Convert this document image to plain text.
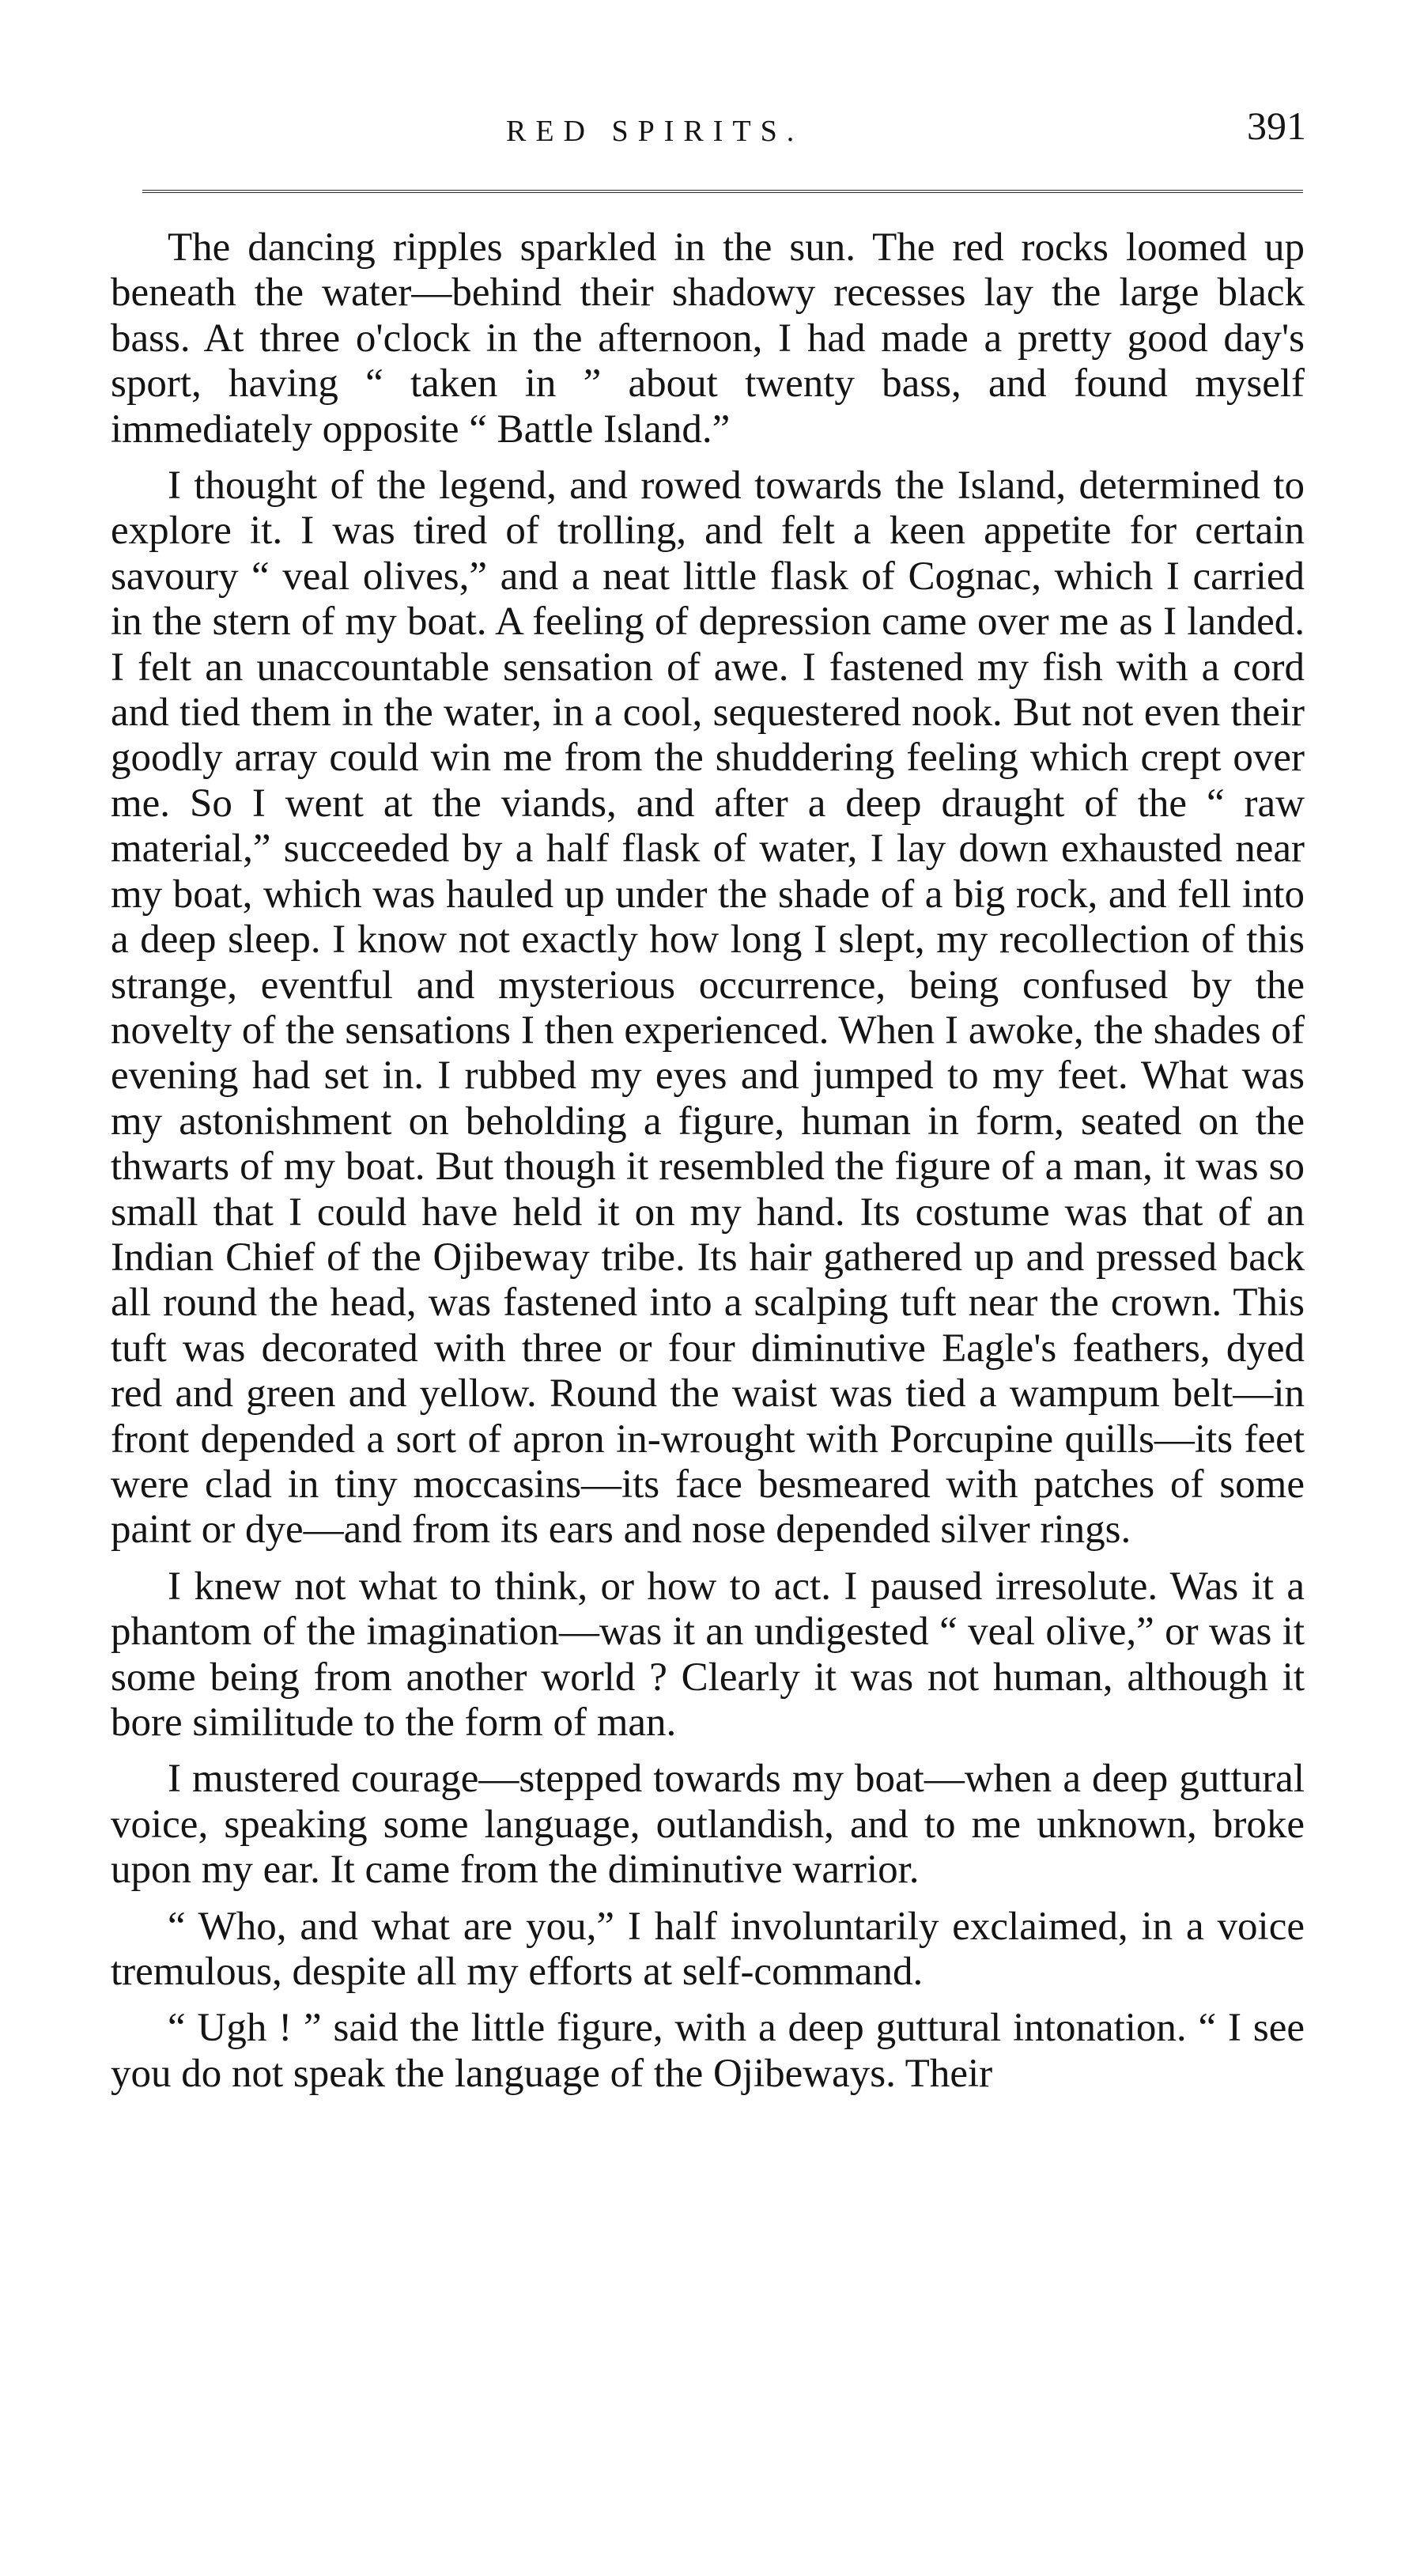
RED SPIRITS.	391

The dancing ripples sparkled in the sun. The red rocks loomed up beneath the water—behind their shadowy recesses lay the large black bass. At three o'clock in the afternoon, I had made a pretty good day's sport, having “ taken in ” about twenty bass, and found myself immediately opposite “ Battle Island.”

I thought of the legend, and rowed towards the Island, determined to explore it. I was tired of trolling, and felt a keen appetite for certain savoury “ veal olives,” and a neat little flask of Cognac, which I carried in the stern of my boat. A feeling of depression came over me as I landed. I felt an unaccountable sensation of awe. I fastened my fish with a cord and tied them in the water, in a cool, sequestered nook. But not even their goodly array could win me from the shuddering feeling which crept over me. So I went at the viands, and after a deep draught of the “ raw material,” succeeded by a half flask of water, I lay down exhausted near my boat, which was hauled up under the shade of a big rock, and fell into a deep sleep. I know not exactly how long I slept, my recollection of this strange, eventful and mysterious occurrence, being confused by the novelty of the sensations I then experienced. When I awoke, the shades of evening had set in. I rubbed my eyes and jumped to my feet. What was my astonishment on beholding a figure, human in form, seated on the thwarts of my boat. But though it resembled the figure of a man, it was so small that I could have held it on my hand. Its costume was that of an Indian Chief of the Ojibeway tribe. Its hair gathered up and pressed back all round the head, was fastened into a scalping tuft near the crown. This tuft was decorated with three or four diminutive Eagle's feathers, dyed red and green and yellow. Round the waist was tied a wampum belt—in front depended a sort of apron in-wrought with Porcupine quills—its feet were clad in tiny moccasins—its face besmeared with patches of some paint or dye—and from its ears and nose depended silver rings.

I knew not what to think, or how to act. I paused irresolute. Was it a phantom of the imagination—was it an undigested “ veal olive,” or was it some being from another world ? Clearly it was not human, although it bore similitude to the form of man.

I mustered courage—stepped towards my boat—when a deep guttural voice, speaking some language, outlandish, and to me unknown, broke upon my ear. It came from the diminutive warrior.

“ Who, and what are you,” I half involuntarily exclaimed, in a voice tremulous, despite all my efforts at self-command.

“ Ugh ! ” said the little figure, with a deep guttural intonation. “ I see you do not speak the language of the Ojibeways. Their
